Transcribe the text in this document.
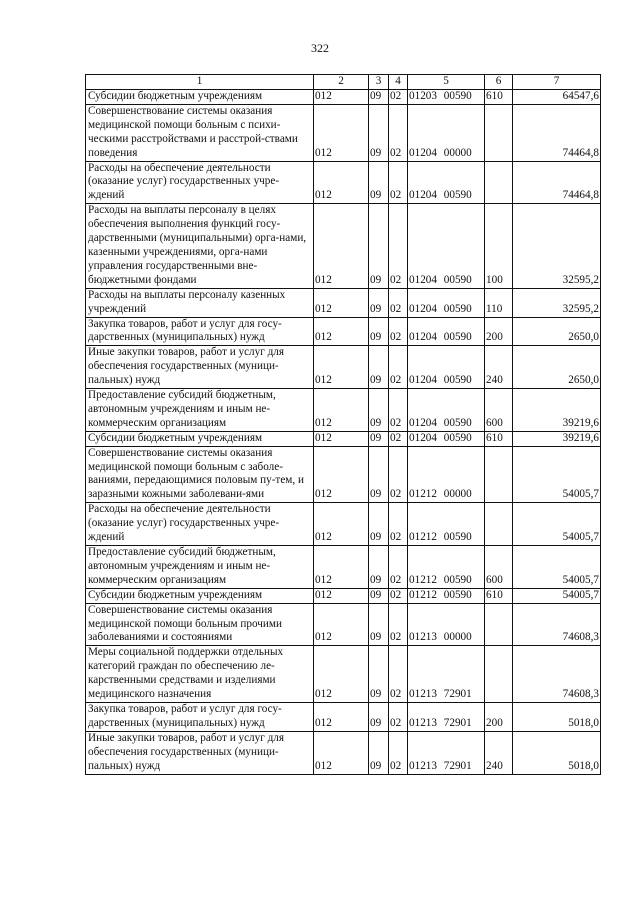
322
1	2	3	4	5	6	7
Субсидии бюджетным учреждениям	012	09	02	01203 00590	610	64547,6
Совершенствование системы оказания медицинской помощи больным с психи-ческими расстройствами и расстрой-ствами поведения	012	09	02	01204 00000		74464,8
Расходы на обеспечение деятельности (оказание услуг) государственных учре-ждений	012	09	02	01204 00590		74464,8
Расходы на выплаты персоналу в целях обеспечения выполнения функций госу-дарственными (муниципальными) орга-нами, казенными учреждениями, орга-нами управления государственными вне-бюджетными фондами	012	09	02	01204 00590	100	32595,2
Расходы на выплаты персоналу казенных учреждений	012	09	02	01204 00590	110	32595,2
Закупка товаров, работ и услуг для госу-дарственных (муниципальных) нужд	012	09	02	01204 00590	200	2650,0
Иные закупки товаров, работ и услуг для обеспечения государственных (муници-пальных) нужд	012	09	02	01204 00590	240	2650,0
Предоставление субсидий бюджетным, автономным учреждениям и иным не-коммерческим организациям	012	09	02	01204 00590	600	39219,6
Субсидии бюджетным учреждениям	012	09	02	01204 00590	610	39219,6
Совершенствование системы оказания медицинской помощи больным с заболе-ваниями, передающимися половым пу-тем, и заразными кожными заболевани-ями	012	09	02	01212 00000		54005,7
Расходы на обеспечение деятельности (оказание услуг) государственных учре-ждений	012	09	02	01212 00590		54005,7
Предоставление субсидий бюджетным, автономным учреждениям и иным не-коммерческим организациям	012	09	02	01212 00590	600	54005,7
Субсидии бюджетным учреждениям	012	09	02	01212 00590	610	54005,7
Совершенствование системы оказания медицинской помощи больным прочими заболеваниями и состояниями	012	09	02	01213 00000		74608,3
Меры социальной поддержки отдельных категорий граждан по обеспечению ле-карственными средствами и изделиями медицинского назначения	012	09	02	01213 72901		74608,3
Закупка товаров, работ и услуг для госу-дарственных (муниципальных) нужд	012	09	02	01213 72901	200	5018,0
Иные закупки товаров, работ и услуг для обеспечения государственных (муници-пальных) нужд	012	09	02	01213 72901	240	5018,0
